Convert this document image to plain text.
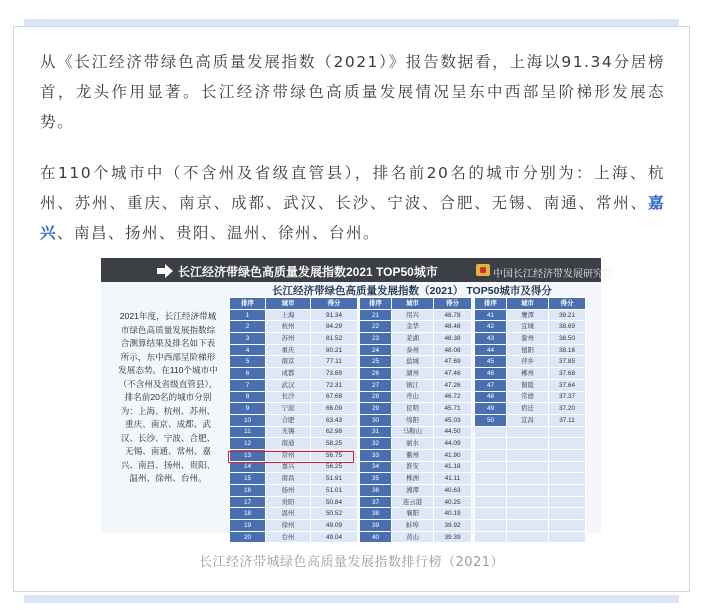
从《长江经济带绿色高质量发展指数（2021）》报告数据看，上海以91.34分居榜首，龙头作用显著。长江经济带绿色高质量发展情况呈东中西部呈阶梯形发展态势。

在110个城市中（不含州及省级直管县），排名前20名的城市分别为：上海、杭州、苏州、重庆、南京、成都、武汉、长沙、宁波、合肥、无锡、南通、常州、嘉兴、南昌、扬州、贵阳、温州、徐州、台州。

长江经济带绿色高质量发展指数2021 TOP50城市	中国长江经济带发展研究院
长江经济带绿色高质量发展指数（2021） TOP50城市及得分
2021年度，长江经济带城市绿色高质量发展指数综合测算结果及排名如下表所示，东中西部呈阶梯形发展态势。在110个城市中（不含州及省级直管县），排名前20名的城市分别为：上海、杭州、苏州、重庆、南京、成都、武汉、长沙、宁波、合肥、无锡、南通、常州、嘉兴、南昌、扬州、贵阳、温州、徐州、台州。
排序	城市	得分
1	上海	91.34
2	杭州	84.29
3	苏州	81.52
4	重庆	80.21
5	南京	77.11
6	成都	73.69
7	武汉	72.31
8	长沙	67.68
9	宁波	66.09
10	合肥	63.43
11	无锡	62.98
12	南通	58.25
13	常州	56.75
14	嘉兴	56.25
15	南昌	51.91
16	扬州	51.01
17	贵阳	50.84
18	温州	50.52
19	徐州	49.09
20	台州	49.04
排序	城市	得分
21	绍兴	48.78
22	金华	48.48
23	芜湖	48.38
24	泰州	48.08
25	盐城	47.69
26	湖州	47.46
27	镇江	47.26
28	舟山	46.72
29	昆明	45.71
30	绵阳	45.03
31	马鞍山	44.50
32	丽水	44.09
33	衢州	41.90
34	淮安	41.18
35	株洲	41.11
36	湘潭	40.63
37	连云港	40.25
38	襄阳	40.19
39	蚌埠	39.92
40	黄山	39.39
排序	城市	得分
41	鹰潭	39.21
42	宜城	38.69
43	滁州	38.50
44	德阳	38.16
45	萍乡	37.85
46	郴州	37.68
47	铜陵	37.64
48	常德	37.37
49	宿迁	37.20
50	宜昌	37.11

长江经济带城绿色高质量发展指数排行榜（2021）
